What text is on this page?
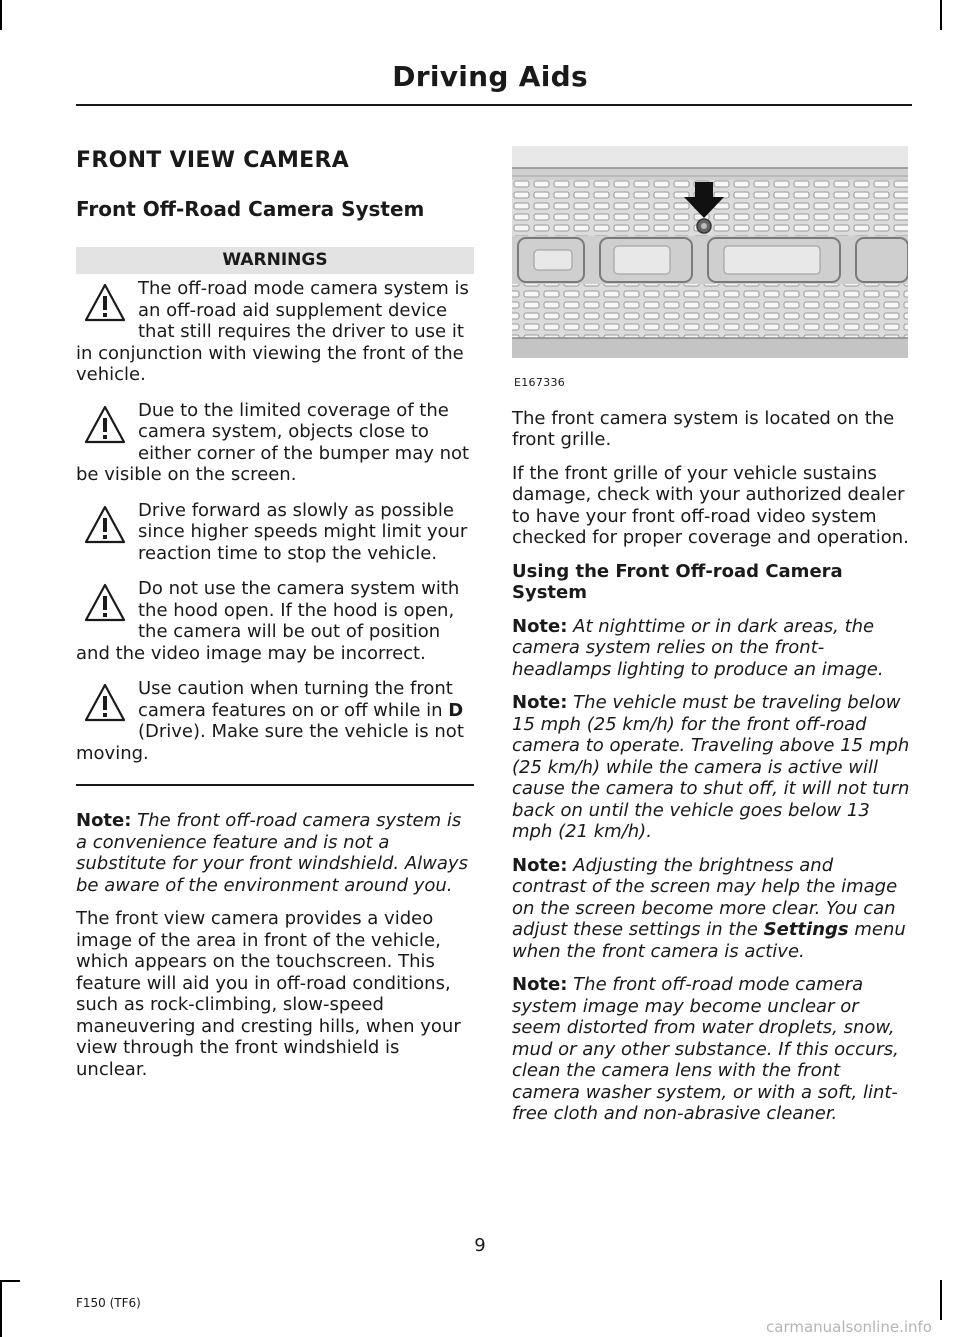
Driving Aids
FRONT VIEW CAMERA
Front Off-Road Camera System
WARNINGS

The off-road mode camera system is an off-road aid supplement device that still requires the driver to use it in conjunction with viewing the front of the vehicle.

Due to the limited coverage of the camera system, objects close to either corner of the bumper may not be visible on the screen.

Drive forward as slowly as possible since higher speeds might limit your reaction time to stop the vehicle.

Do not use the camera system with the hood open. If the hood is open, the camera will be out of position and the video image may be incorrect.

Use caution when turning the front camera features on or off while in D (Drive). Make sure the vehicle is not moving.

Note: The front off-road camera system is a convenience feature and is not a substitute for your front windshield. Always be aware of the environment around you.

The front view camera provides a video image of the area in front of the vehicle, which appears on the touchscreen. This feature will aid you in off-road conditions, such as rock-climbing, slow-speed maneuvering and cresting hills, when your view through the front windshield is unclear.

E167336

The front camera system is located on the front grille.

If the front grille of your vehicle sustains damage, check with your authorized dealer to have your front off-road video system checked for proper coverage and operation.

Using the Front Off-road Camera System

Note: At nighttime or in dark areas, the camera system relies on the front-headlamps lighting to produce an image.

Note: The vehicle must be traveling below 15 mph (25 km/h) for the front off-road camera to operate. Traveling above 15 mph (25 km/h) while the camera is active will cause the camera to shut off, it will not turn back on until the vehicle goes below 13 mph (21 km/h).

Note: Adjusting the brightness and contrast of the screen may help the image on the screen become more clear. You can adjust these settings in the Settings menu when the front camera is active.

Note: The front off-road mode camera system image may become unclear or seem distorted from water droplets, snow, mud or any other substance. If this occurs, clean the camera lens with the front camera washer system, or with a soft, lint-free cloth and non-abrasive cleaner.

9
F150 (TF6)
carmanualsonline.info
